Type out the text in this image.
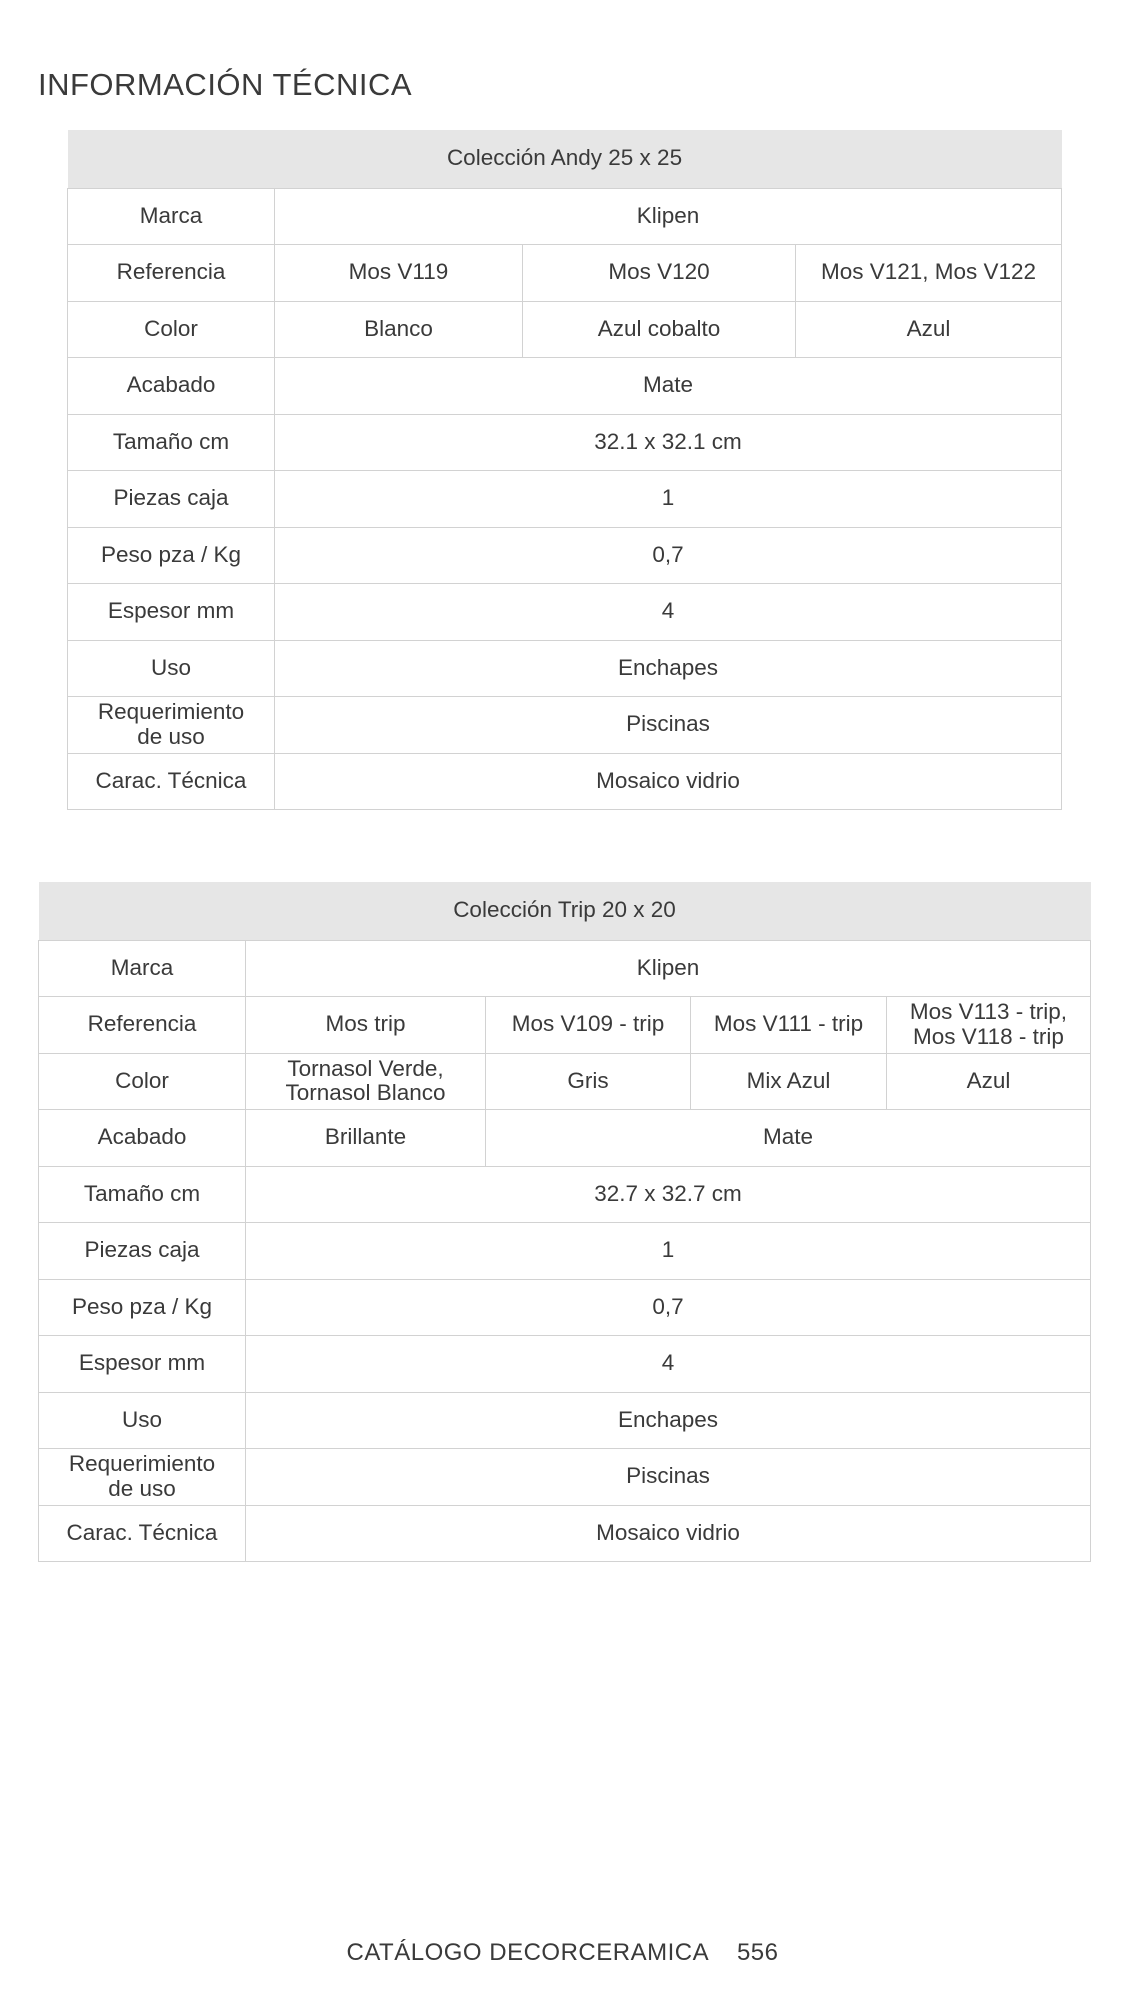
INFORMACIÓN TÉCNICA
Colección Andy 25 x 25			
Marca	Klipen		
Referencia	Mos V119	Mos V120	Mos V121, Mos V122
Color	Blanco	Azul cobalto	Azul
Acabado	Mate		
Tamaño cm	32.1 x 32.1 cm		
Piezas caja	1		
Peso pza / Kg	0,7		
Espesor mm	4		
Uso	Enchapes		
Requerimiento
de uso	Piscinas		
Carac. Técnica	Mosaico vidrio		
Colección Trip 20 x 20				
Marca	Klipen			
Referencia	Mos trip	Mos V109 - trip	Mos V111 - trip	Mos V113 - trip,
Mos V118 - trip
Color	Tornasol Verde,
Tornasol Blanco	Gris	Mix Azul	Azul
Acabado	Brillante	Mate		
Tamaño cm	32.7 x 32.7 cm			
Piezas caja	1			
Peso pza / Kg	0,7			
Espesor mm	4			
Uso	Enchapes			
Requerimiento
de uso	Piscinas			
Carac. Técnica	Mosaico vidrio			
CATÁLOGO DECORCERAMICA 556
